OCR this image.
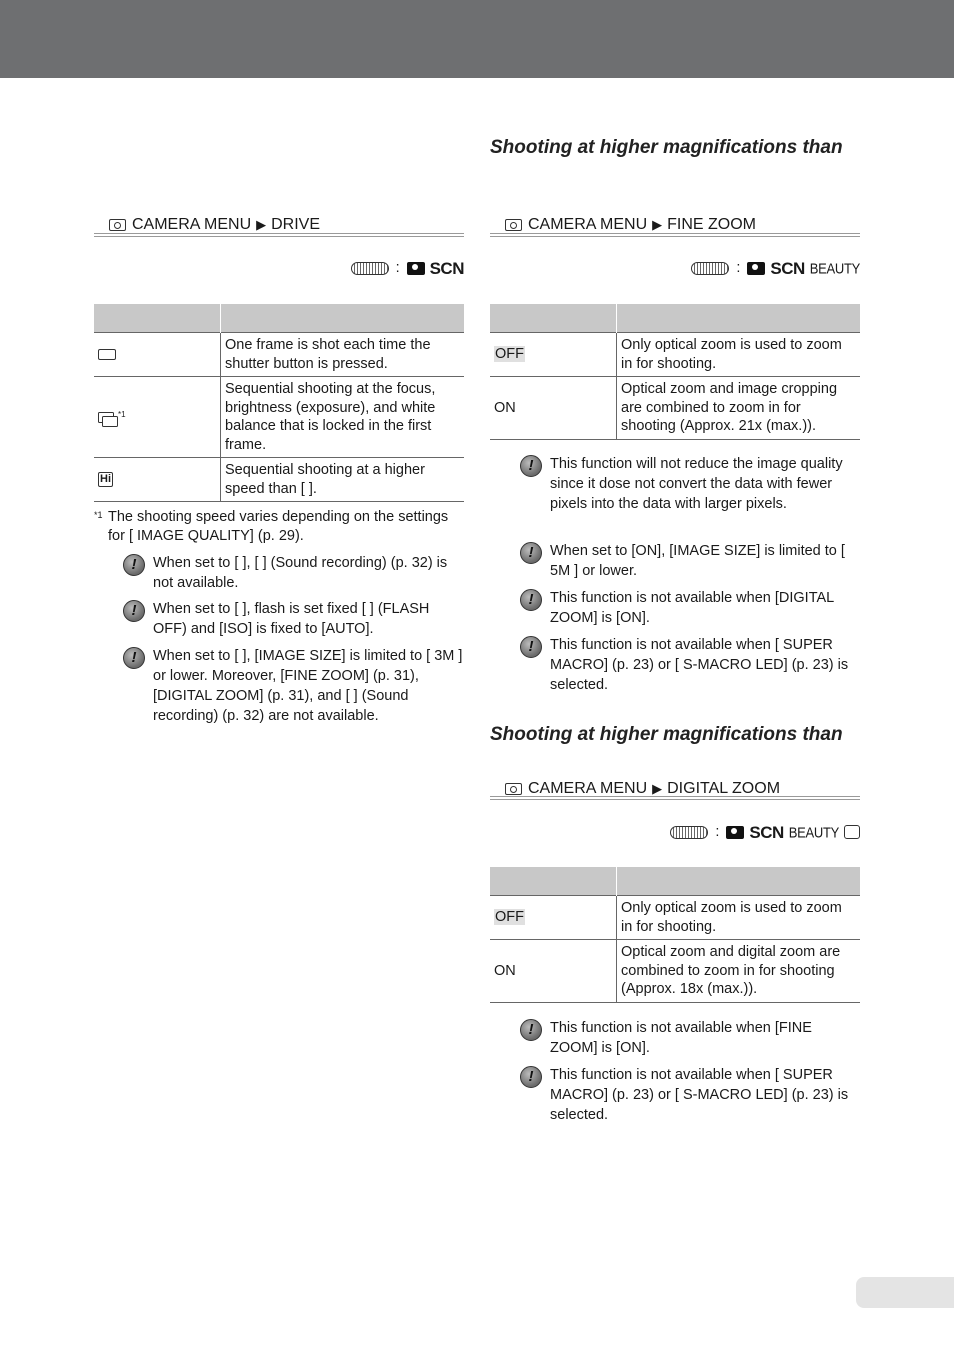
CAMERA MENU ▶ DRIVE
: SCN

	One frame is shot each time the shutter button is pressed.
$^{*1}$	Sequential shooting at the focus, brightness (exposure), and white balance that is locked in the first frame.
Hi	Sequential shooting at a higher speed than [ ].
*1 The shooting speed varies depending on the settings for [ IMAGE QUALITY] (p. 29).
!	When set to [ ], [ ] (Sound recording) (p. 32) is not available.
!	When set to [ ], flash is set fixed [ ] (FLASH OFF) and [ISO] is fixed to [AUTO].
!	When set to [ ], [IMAGE SIZE] is limited to [ 3M ] or lower. Moreover, [FINE ZOOM] (p. 31), [DIGITAL ZOOM] (p. 31), and [ ] (Sound recording) (p. 32) are not available.
Shooting at higher magnifications than
CAMERA MENU ▶ FINE ZOOM
: SCN BEAUTY

OFF	Only optical zoom is used to zoom in for shooting.
ON	Optical zoom and image cropping are combined to zoom in for shooting (Approx. 21x (max.)).
!	This function will not reduce the image quality since it dose not convert the data with fewer pixels into the data with larger pixels.
!	When set to [ON], [IMAGE SIZE] is limited to [ 5M ] or lower.
!	This function is not available when [DIGITAL ZOOM] is [ON].
!	This function is not available when [ SUPER MACRO] (p. 23) or [ S-MACRO LED] (p. 23) is selected.
Shooting at higher magnifications than
CAMERA MENU ▶ DIGITAL ZOOM
: SCN BEAUTY

OFF	Only optical zoom is used to zoom in for shooting.
ON	Optical zoom and digital zoom are combined to zoom in for shooting (Approx. 18x (max.)).
!	This function is not available when [FINE ZOOM] is [ON].
!	This function is not available when [ SUPER MACRO] (p. 23) or [ S-MACRO LED] (p. 23) is selected.
